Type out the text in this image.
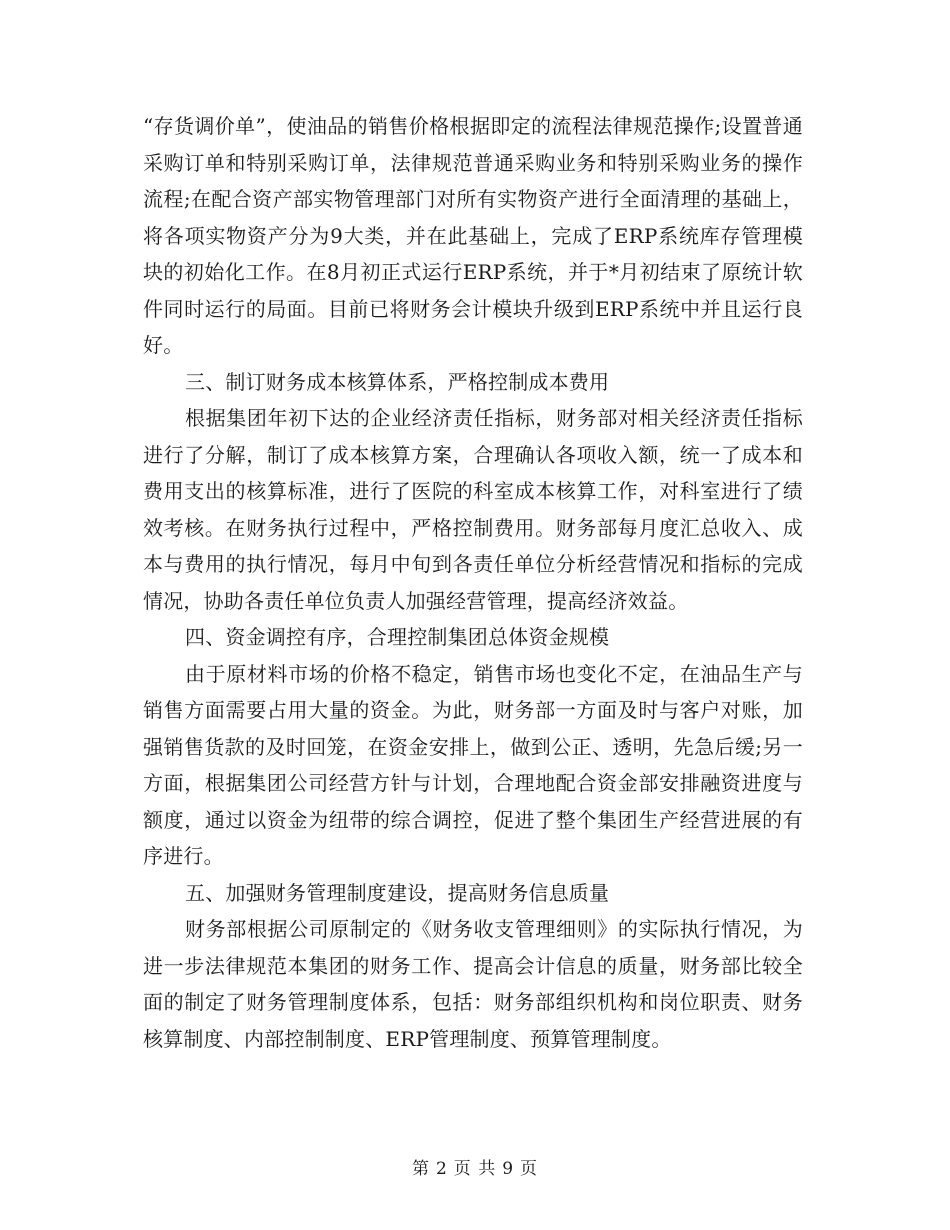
“存货调价单”，使油品的销售价格根据即定的流程法律规范操作;设置普通采购订单和特别采购订单，法律规范普通采购业务和特别采购业务的操作流程;在配合资产部实物管理部门对所有实物资产进行全面清理的基础上，将各项实物资产分为9大类，并在此基础上，完成了ERP系统库存管理模块的初始化工作。在8月初正式运行ERP系统，并于*月初结束了原统计软件同时运行的局面。目前已将财务会计模块升级到ERP系统中并且运行良好。

三、制订财务成本核算体系，严格控制成本费用

根据集团年初下达的企业经济责任指标，财务部对相关经济责任指标进行了分解，制订了成本核算方案，合理确认各项收入额，统一了成本和费用支出的核算标准，进行了医院的科室成本核算工作，对科室进行了绩效考核。在财务执行过程中，严格控制费用。财务部每月度汇总收入、成本与费用的执行情况，每月中旬到各责任单位分析经营情况和指标的完成情况，协助各责任单位负责人加强经营管理，提高经济效益。

四、资金调控有序，合理控制集团总体资金规模

由于原材料市场的价格不稳定，销售市场也变化不定，在油品生产与销售方面需要占用大量的资金。为此，财务部一方面及时与客户对账，加强销售货款的及时回笼，在资金安排上，做到公正、透明，先急后缓;另一方面，根据集团公司经营方针与计划，合理地配合资金部安排融资进度与额度，通过以资金为纽带的综合调控，促进了整个集团生产经营进展的有序进行。

五、加强财务管理制度建设，提高财务信息质量

财务部根据公司原制定的《财务收支管理细则》的实际执行情况，为进一步法律规范本集团的财务工作、提高会计信息的质量，财务部比较全面的制定了财务管理制度体系，包括：财务部组织机构和岗位职责、财务核算制度、内部控制制度、ERP管理制度、预算管理制度。

第 2 页 共 9 页
